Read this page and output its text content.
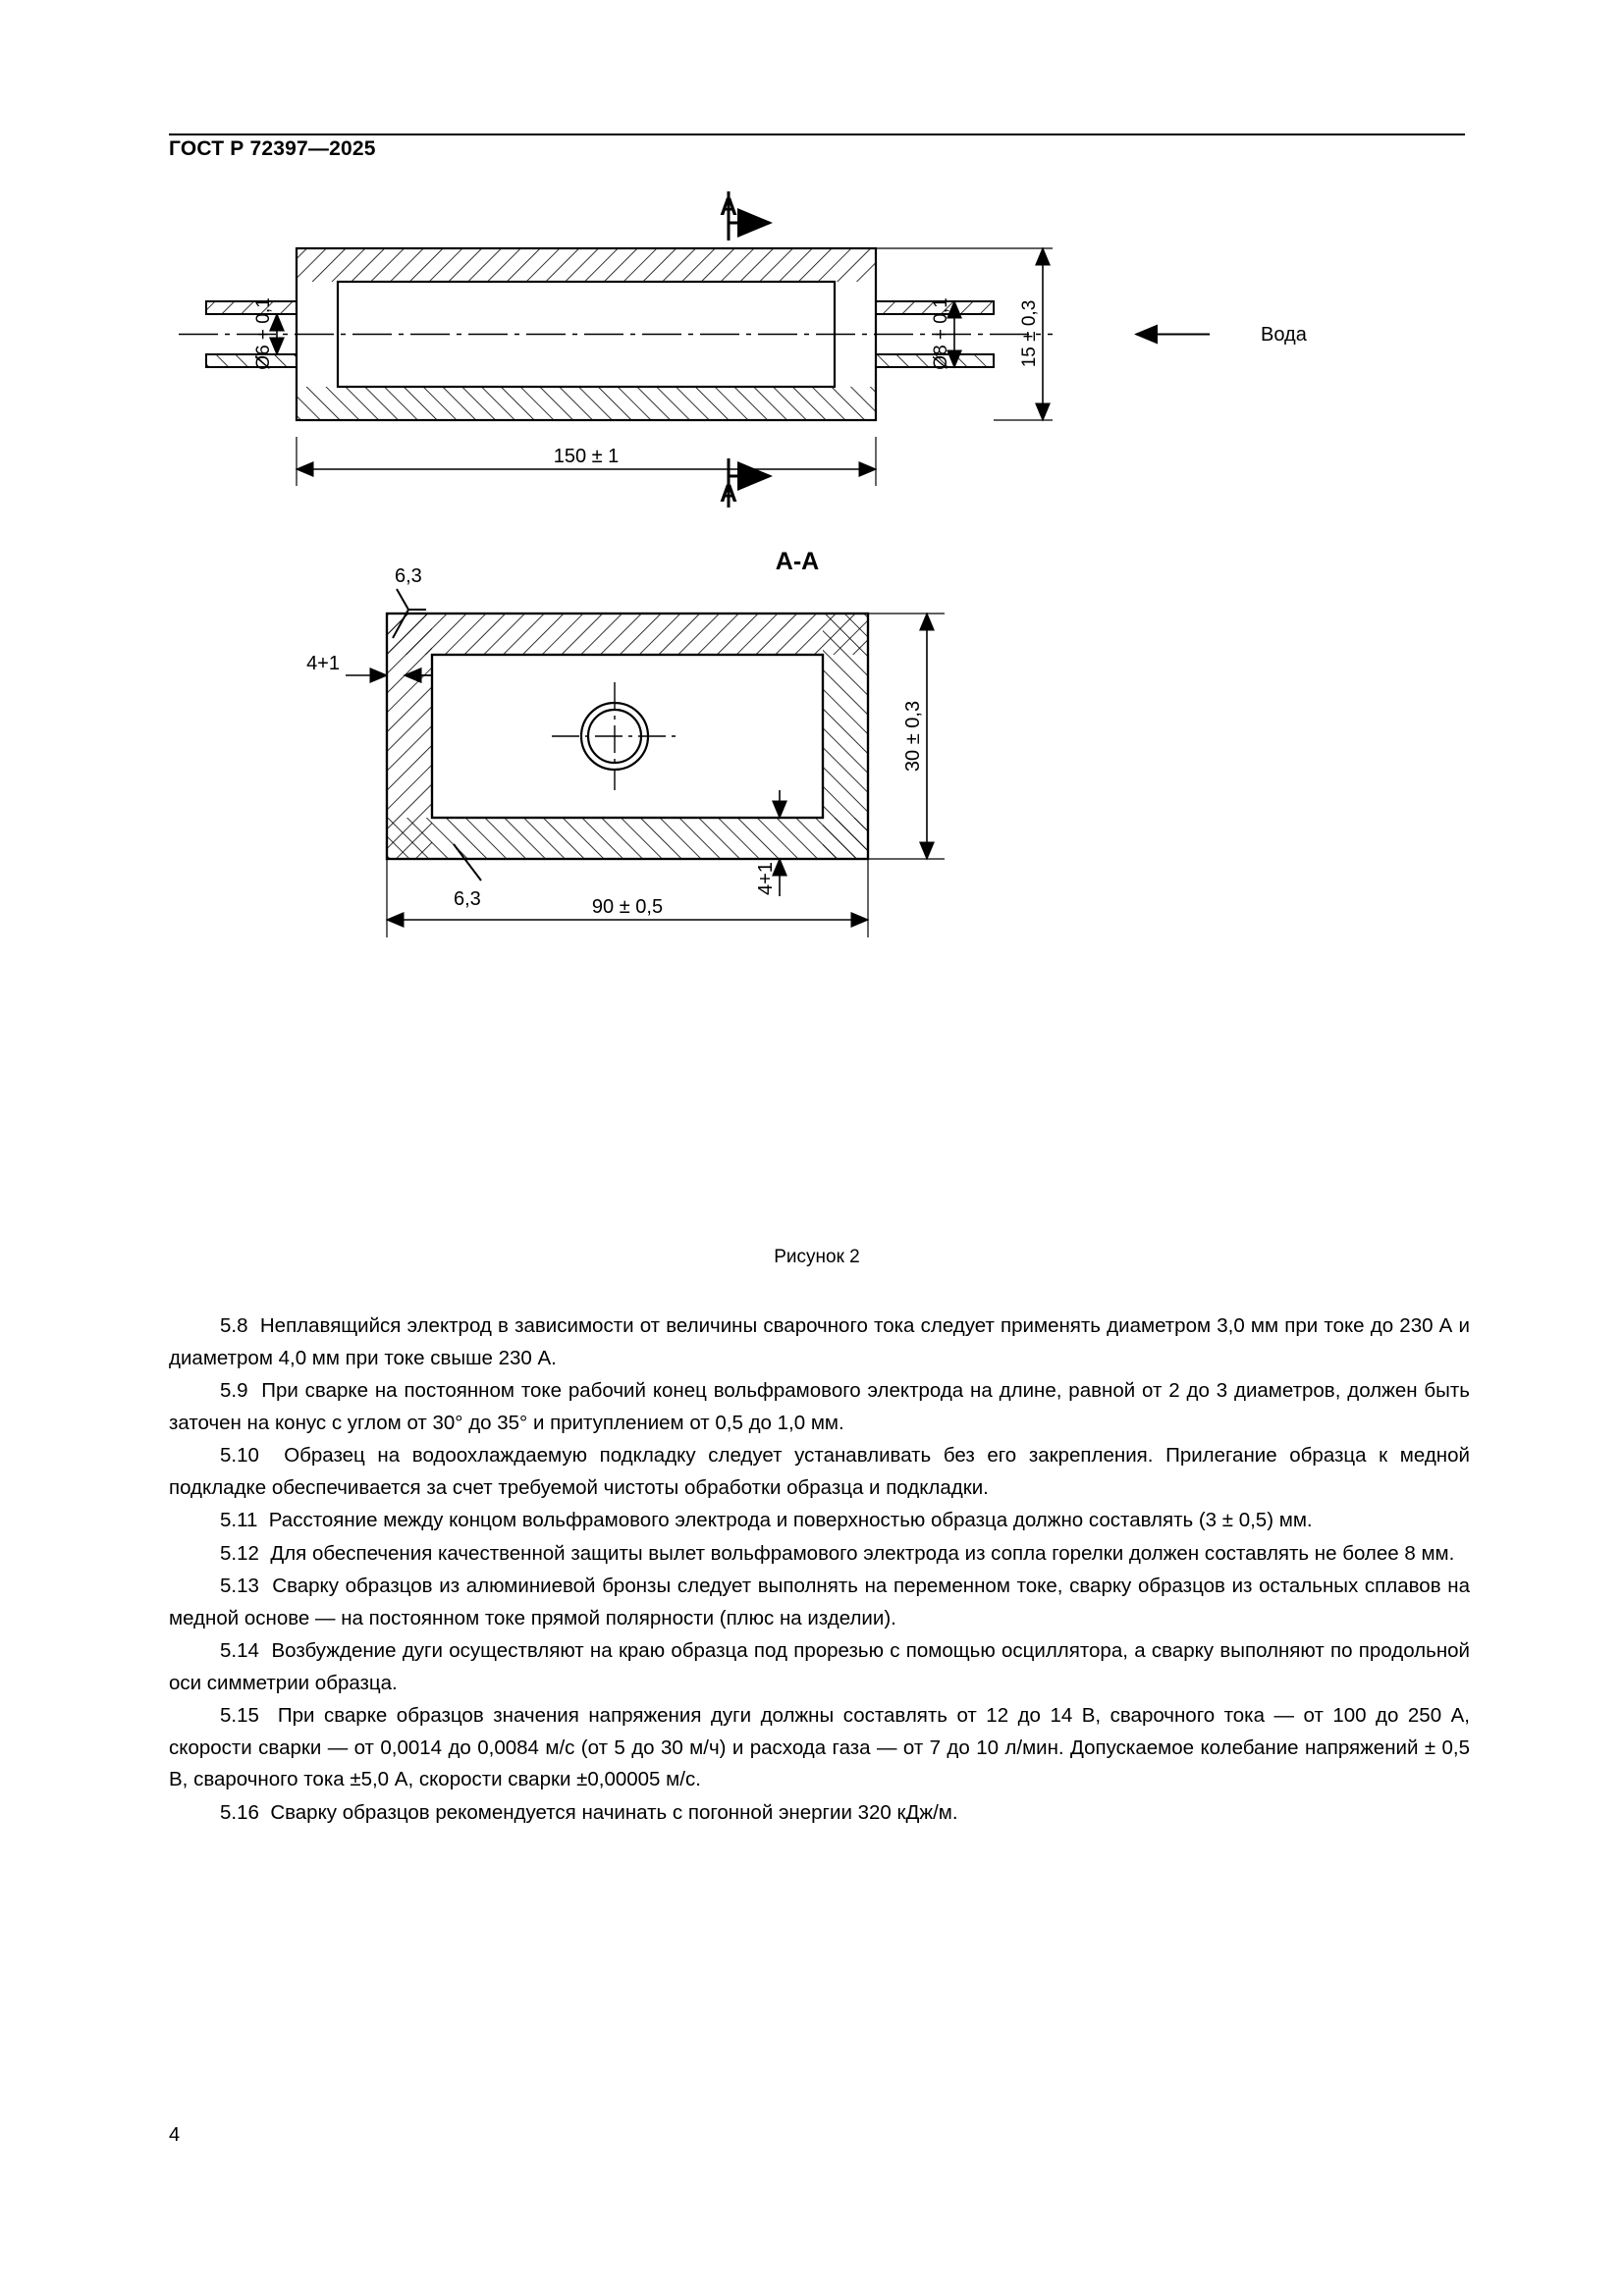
ГОСТ Р 72397—2025
A
A
Ø6 + 0,1	Ø8 + 0,1	15 ± 0,3
150 ± 1
Вода
А-А
6,3
6,3
4+1
4+1
30 ± 0,3
90 ± 0,5
Рисунок 2

5.8 Неплавящийся электрод в зависимости от величины сварочного тока следует применять диаметром 3,0 мм при токе до 230 А и диаметром 4,0 мм при токе свыше 230 А.

5.9 При сварке на постоянном токе рабочий конец вольфрамового электрода на длине, равной от 2 до 3 диаметров, должен быть заточен на конус с углом от 30° до 35° и притуплением от 0,5 до 1,0 мм.

5.10 Образец на водоохлаждаемую подкладку следует устанавливать без его закрепления. Прилегание образца к медной подкладке обеспечивается за счет требуемой чистоты обработки образца и подкладки.

5.11 Расстояние между концом вольфрамового электрода и поверхностью образца должно составлять (3 ± 0,5) мм.

5.12 Для обеспечения качественной защиты вылет вольфрамового электрода из сопла горелки должен составлять не более 8 мм.

5.13 Сварку образцов из алюминиевой бронзы следует выполнять на переменном токе, сварку образцов из остальных сплавов на медной основе — на постоянном токе прямой полярности (плюс на изделии).

5.14 Возбуждение дуги осуществляют на краю образца под прорезью с помощью осциллятора, а сварку выполняют по продольной оси симметрии образца.

5.15 При сварке образцов значения напряжения дуги должны составлять от 12 до 14 В, сварочного тока — от 100 до 250 А, скорости сварки — от 0,0014 до 0,0084 м/с (от 5 до 30 м/ч) и расхода газа — от 7 до 10 л/мин. Допускаемое колебание напряжений ± 0,5 В, сварочного тока ±5,0 А, скорости сварки ±0,00005 м/с.

5.16 Сварку образцов рекомендуется начинать с погонной энергии 320 кДж/м.

4
